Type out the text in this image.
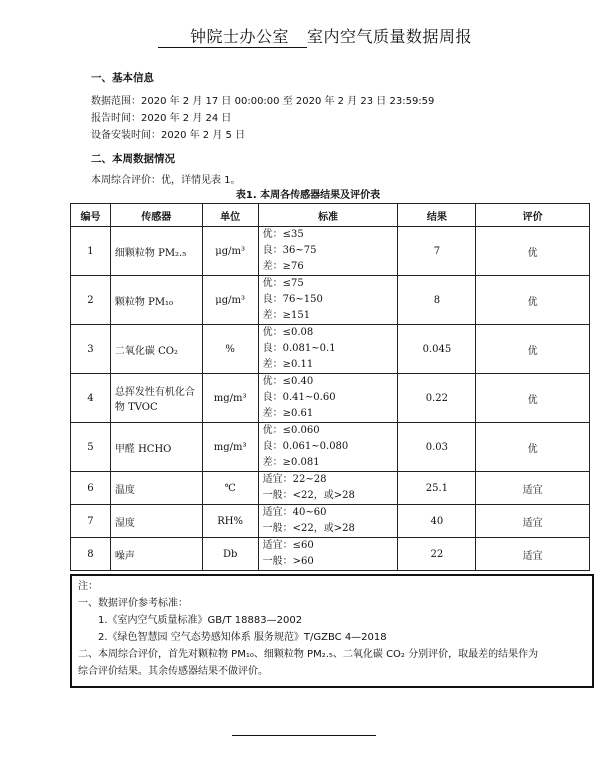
钟院士办公室 室内空气质量数据周报
一、基本信息
数据范围：2020 年 2 月 17 日 00:00:00 至 2020 年 2 月 23 日 23:59:59
报告时间：2020 年 2 月 24 日
设备安装时间：2020 年 2 月 5 日
二、本周数据情况
本周综合评价：优，详情见表 1。
表1. 本周各传感器结果及评价表
编号	传感器	单位	标准	结果	评价
1	细颗粒物 PM₂.₅	μg/m³	优：≤35
良：36~75
差：≥76	7	优
2	颗粒物 PM₁₀	μg/m³	优：≤75
良：76~150
差：≥151	8	优
3	二氧化碳 CO₂	%	优：≤0.08
良：0.081~0.1
差：≥0.11	0.045	优
4	总挥发性有机化合物 TVOC	mg/m³	优：≤0.40
良：0.41~0.60
差：≥0.61	0.22	优
5	甲醛 HCHO	mg/m³	优：≤0.060
良：0.061~0.080
差：≥0.081	0.03	优
6	温度	℃	适宜：22~28
一般：<22，或>28	25.1	适宜
7	湿度	RH%	适宜：40~60
一般：<22，或>28	40	适宜
8	噪声	Db	适宜：≤60
一般：>60	22	适宜
注：
一、数据评价参考标准：
1.《室内空气质量标准》GB/T 18883—2002
2.《绿色智慧园 空气态势感知体系 服务规范》T/GZBC 4—2018
二、本周综合评价，首先对颗粒物 PM₁₀、细颗粒物 PM₂.₅、二氧化碳 CO₂ 分别评价，取最差的结果作为
综合评价结果。其余传感器结果不做评价。
